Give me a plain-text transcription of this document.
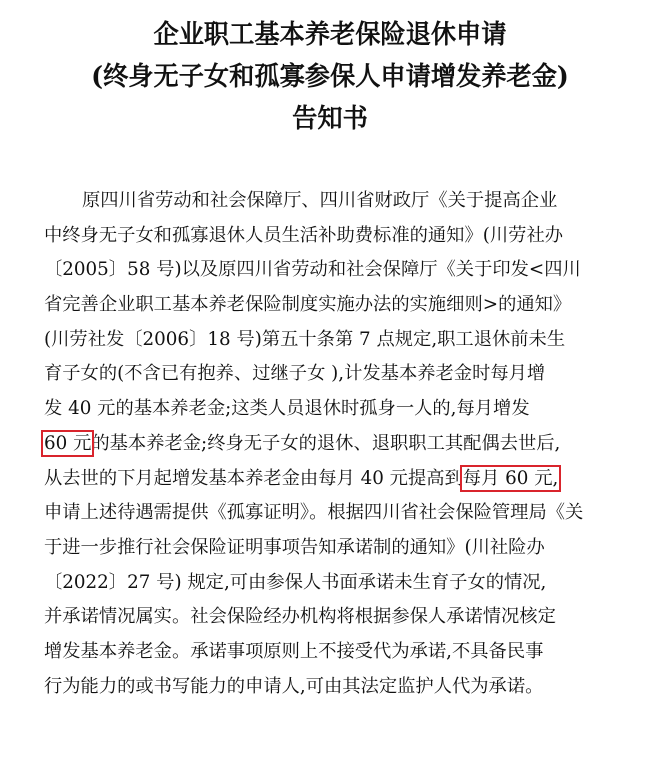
企业职工基本养老保险退休申请
(终身无子女和孤寡参保人申请增发养老金)
告知书
原四川省劳动和社会保障厅、四川省财政厅《关于提高企业
中终身无子女和孤寡退休人员生活补助费标准的通知》(川劳社办
〔2005〕58 号)以及原四川省劳动和社会保障厅《关于印发<四川
省完善企业职工基本养老保险制度实施办法的实施细则>的通知》
(川劳社发〔2006〕18 号)第五十条第 7 点规定,职工退休前未生
育子女的(不含已有抱养、过继子女 ),计发基本养老金时每月增
发 40 元的基本养老金;这类人员退休时孤身一人的,每月增发
60 元的基本养老金;终身无子女的退休、退职职工其配偶去世后,
从去世的下月起增发基本养老金由每月 40 元提高到每月 60 元,
申请上述待遇需提供《孤寡证明》。根据四川省社会保险管理局《关
于进一步推行社会保险证明事项告知承诺制的通知》(川社险办
〔2022〕27 号) 规定,可由参保人书面承诺未生育子女的情况,
并承诺情况属实。社会保险经办机构将根据参保人承诺情况核定
增发基本养老金。承诺事项原则上不接受代为承诺,不具备民事
行为能力的或书写能力的申请人,可由其法定监护人代为承诺。
